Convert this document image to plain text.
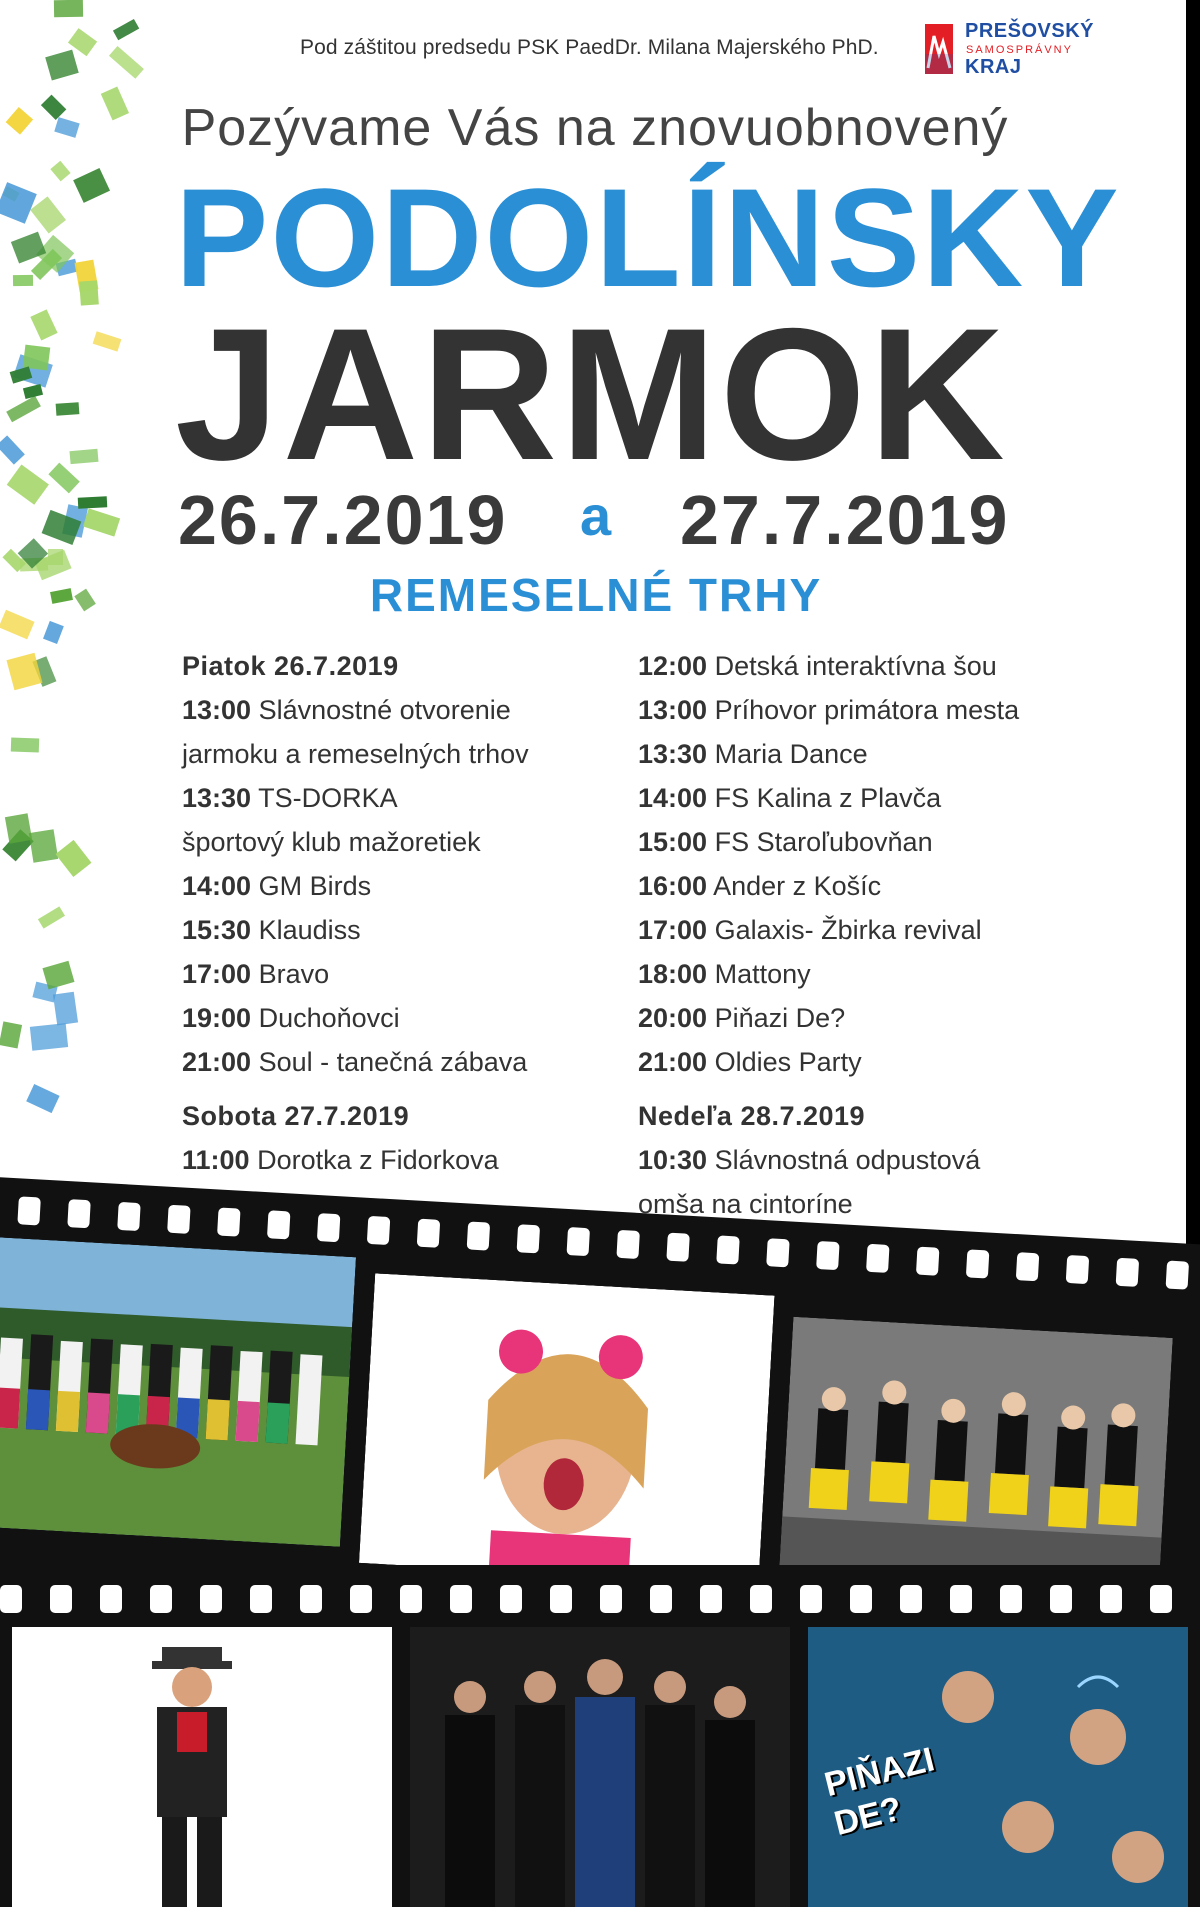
Pod záštitou predsedu PSK PaedDr. Milana Majerského PhD.
PREŠOVSKÝ
SAMOSPRÁVNY
KRAJ
Pozývame Vás na znovuobnovený
PODOLÍNSKY
JARMOK
26.7.2019 a 27.7.2019
REMESELNÉ TRHY
Piatok 26.7.2019
13:00 Slávnostné otvorenie
jarmoku a remeselných trhov
13:30 TS-DORKA
športový klub mažoretiek
14:00 GM Birds
15:30 Klaudiss
17:00 Bravo
19:00 Duchoňovci
21:00 Soul - tanečná zábava
Sobota 27.7.2019
11:00 Dorotka z Fidorkova
12:00 Detská interaktívna šou
13:00 Príhovor primátora mesta
13:30 Maria Dance
14:00 FS Kalina z Plavča
15:00 FS Staroľubovňan
16:00 Ander z Košíc
17:00 Galaxis- Žbirka revival
18:00 Mattony
20:00 Piňazi De?
21:00 Oldies Party
Nedeľa 28.7.2019
10:30 Slávnostná odpustová
omša na cintoríne
PIŇAZI DE?
